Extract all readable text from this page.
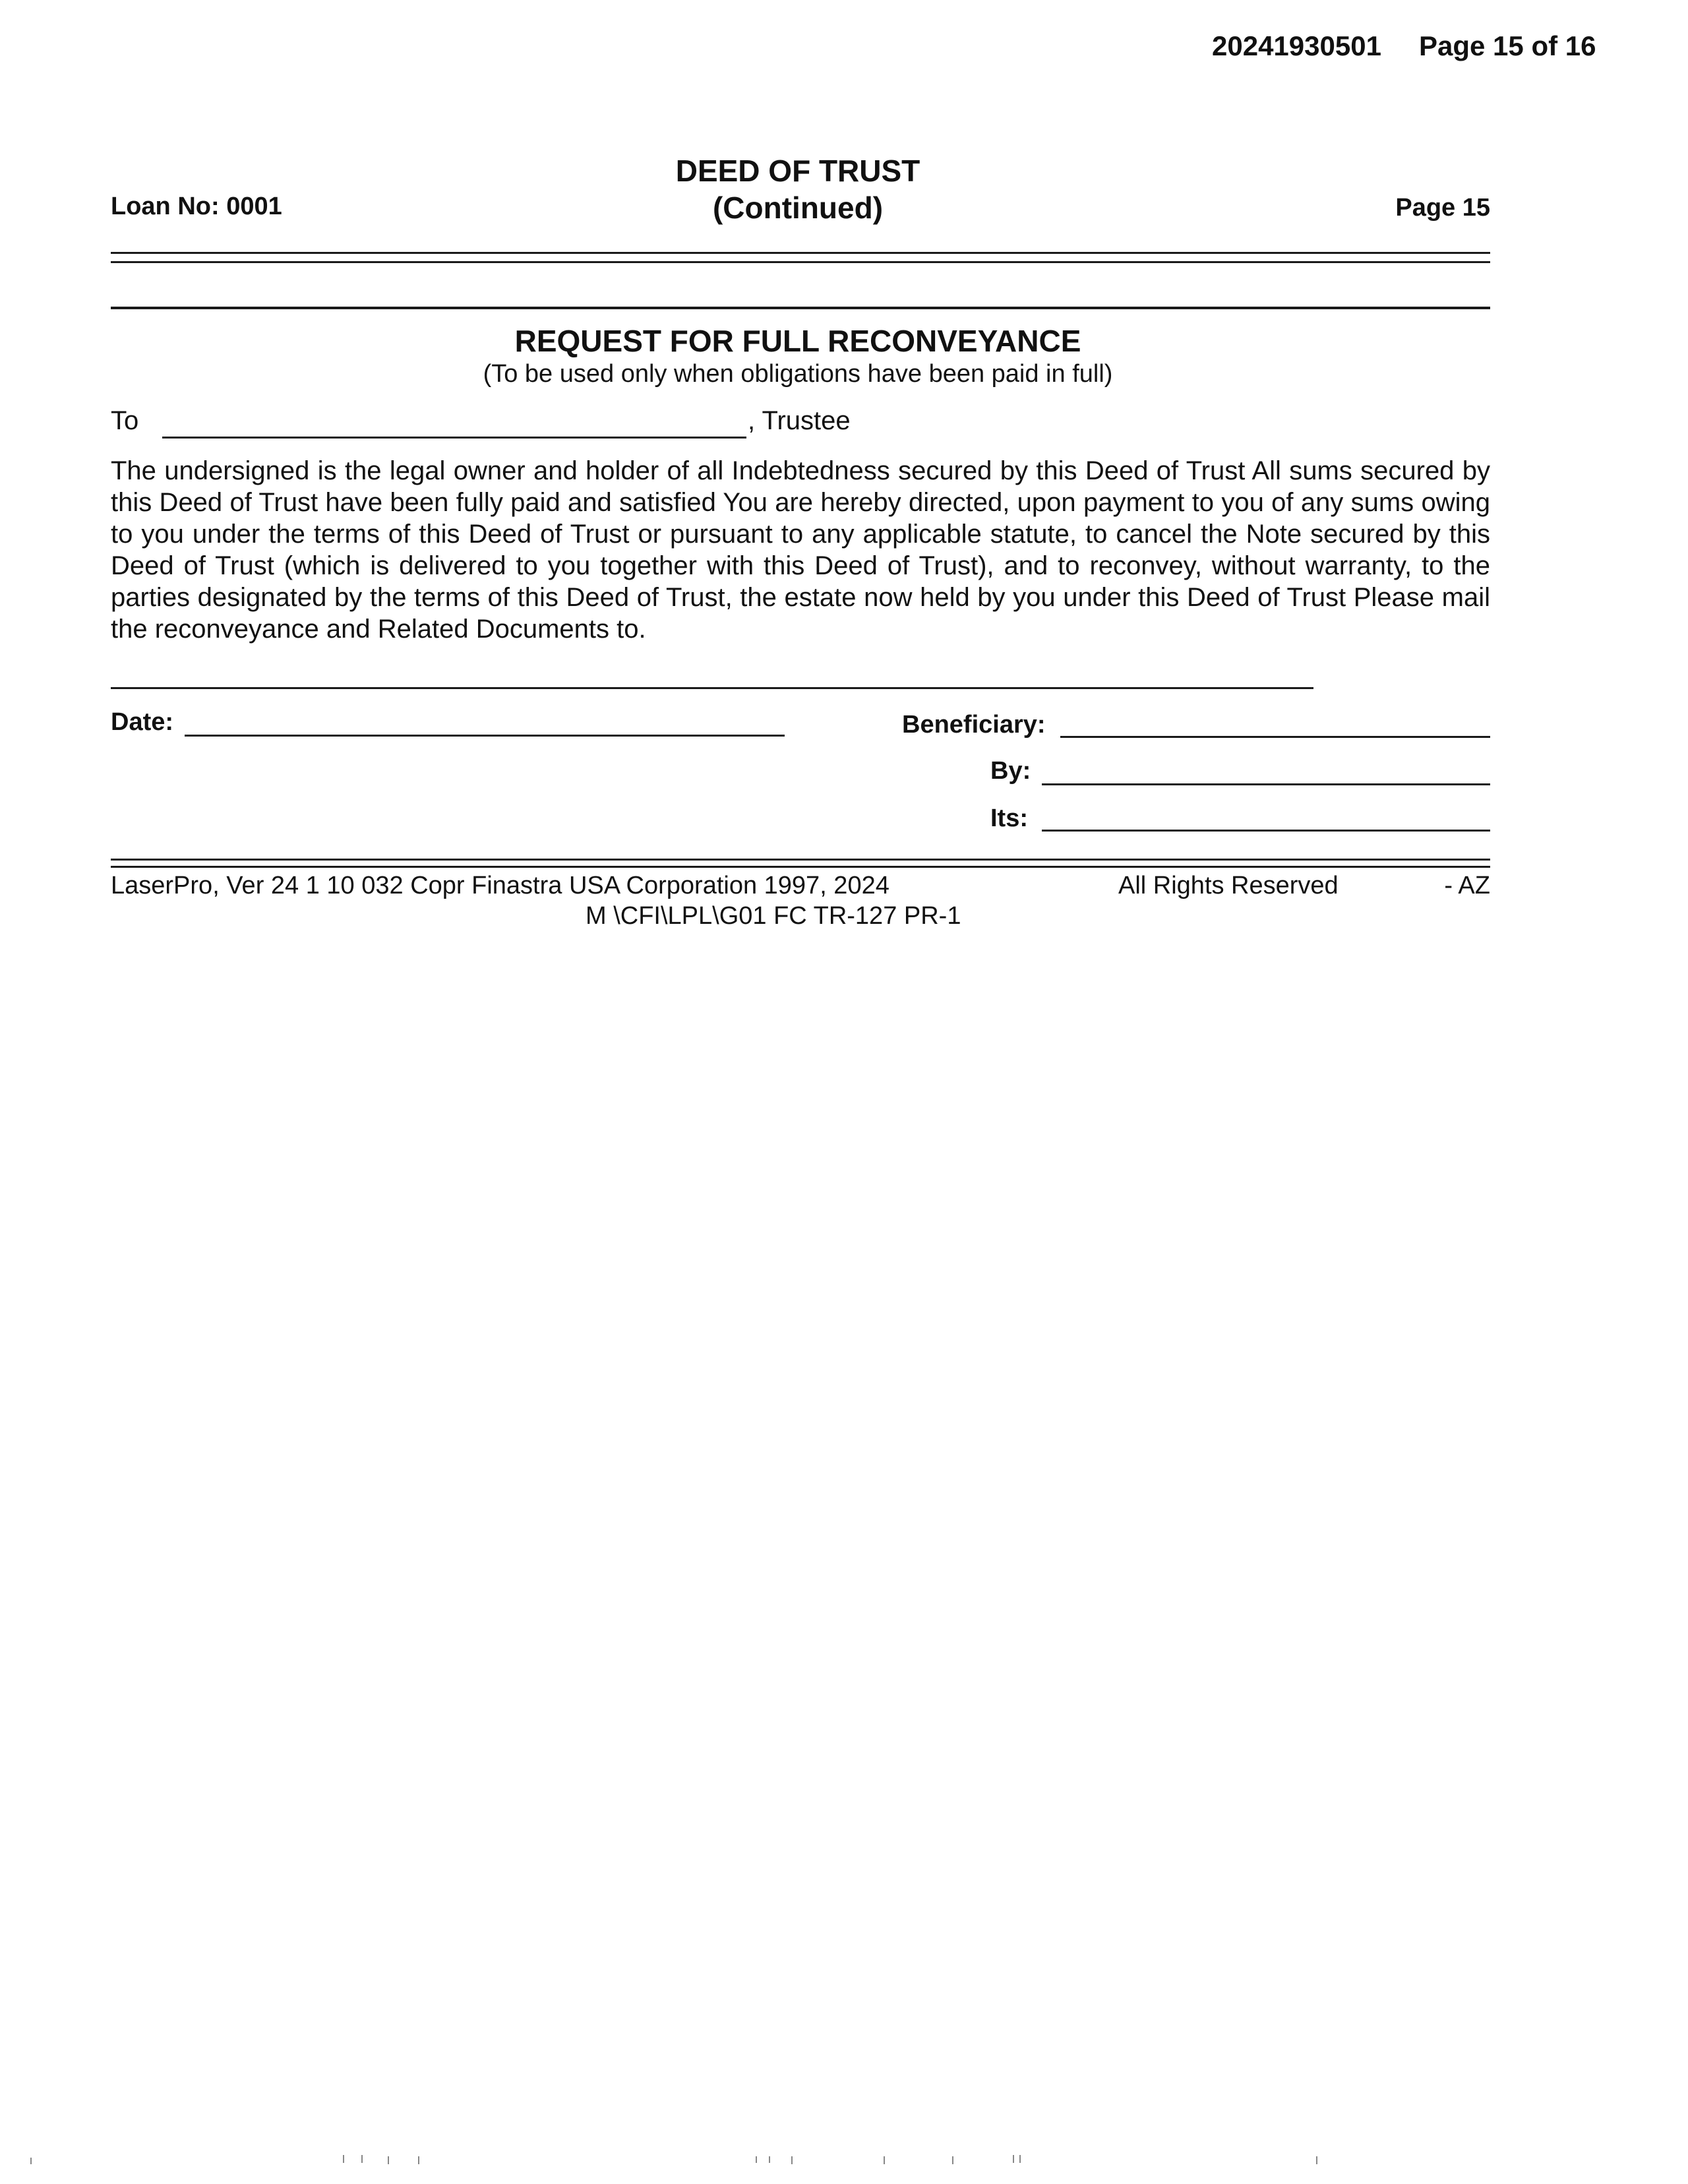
20241930501 Page 15 of 16
Loan No: 0001
DEED OF TRUST
(Continued)	Page 15
REQUEST FOR FULL RECONVEYANCE
(To be used only when obligations have been paid in full)
To	, Trustee
The undersigned is the legal owner and holder of all Indebtedness secured by this Deed of Trust All sums secured by this Deed of Trust have been fully paid and satisfied You are hereby directed, upon payment to you of any sums owing to you under the terms of this Deed of Trust or pursuant to any applicable statute, to cancel the Note secured by this Deed of Trust (which is delivered to you together with this Deed of Trust), and to reconvey, without warranty, to the parties designated by the terms of this Deed of Trust, the estate now held by you under this Deed of Trust Please mail the reconveyance and Related Documents to.
Date:	Beneficiary:
By:
Its:
LaserPro, Ver 24 1 10 032 Copr Finastra USA Corporation 1997, 2024	All Rights Reserved	- AZ
M \CFI\LPL\G01 FC TR-127 PR-1
